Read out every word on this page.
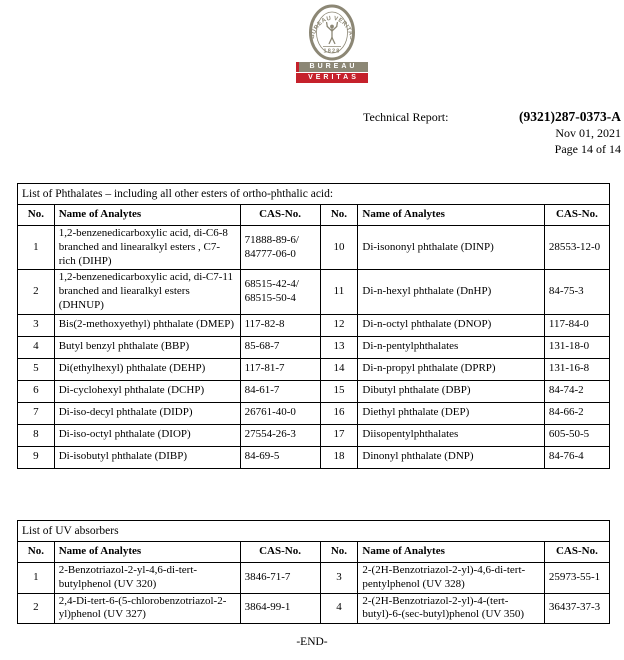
BUREAU VERITAS
1828
BUREAU
VERITAS
Technical Report:	(9321)287-0373-A
Nov 01, 2021
Page 14 of 14
List of Phthalates – including all other esters of ortho-phthalic acid:					
No.	Name of Analytes	CAS-No.	No.	Name of Analytes	CAS-No.
1	1,2-benzenedicarboxylic acid, di-C6-8 branched and linearalkyl esters , C7-rich (DIHP)	71888-89-6/ 84777-06-0	10	Di-isononyl phthalate (DINP)	28553-12-0
2	1,2-benzenedicarboxylic acid, di-C7-11 branched and liearalkyl esters (DHNUP)	68515-42-4/ 68515-50-4	11	Di-n-hexyl phthalate (DnHP)	84-75-3
3	Bis(2-methoxyethyl) phthalate (DMEP)	117-82-8	12	Di-n-octyl phthalate (DNOP)	117-84-0
4	Butyl benzyl phthalate (BBP)	85-68-7	13	Di-n-pentylphthalates	131-18-0
5	Di(ethylhexyl) phthalate (DEHP)	117-81-7	14	Di-n-propyl phthalate (DPRP)	131-16-8
6	Di-cyclohexyl phthalate (DCHP)	84-61-7	15	Dibutyl phthalate (DBP)	84-74-2
7	Di-iso-decyl phthalate (DIDP)	26761-40-0	16	Diethyl phthalate (DEP)	84-66-2
8	Di-iso-octyl phthalate (DIOP)	27554-26-3	17	Diisopentylphthalates	605-50-5
9	Di-isobutyl phthalate (DIBP)	84-69-5	18	Dinonyl phthalate (DNP)	84-76-4
List of UV absorbers					
No.	Name of Analytes	CAS-No.	No.	Name of Analytes	CAS-No.
1	2-Benzotriazol-2-yl-4,6-di-tert-butylphenol (UV 320)	3846-71-7	3	2-(2H-Benzotriazol-2-yl)-4,6-di-tert-pentylphenol (UV 328)	25973-55-1
2	2,4-Di-tert-6-(5-chlorobenzotriazol-2-yl)phenol (UV 327)	3864-99-1	4	2-(2H-Benzotriazol-2-yl)-4-(tert-butyl)-6-(sec-butyl)phenol (UV 350)	36437-37-3
-END-
